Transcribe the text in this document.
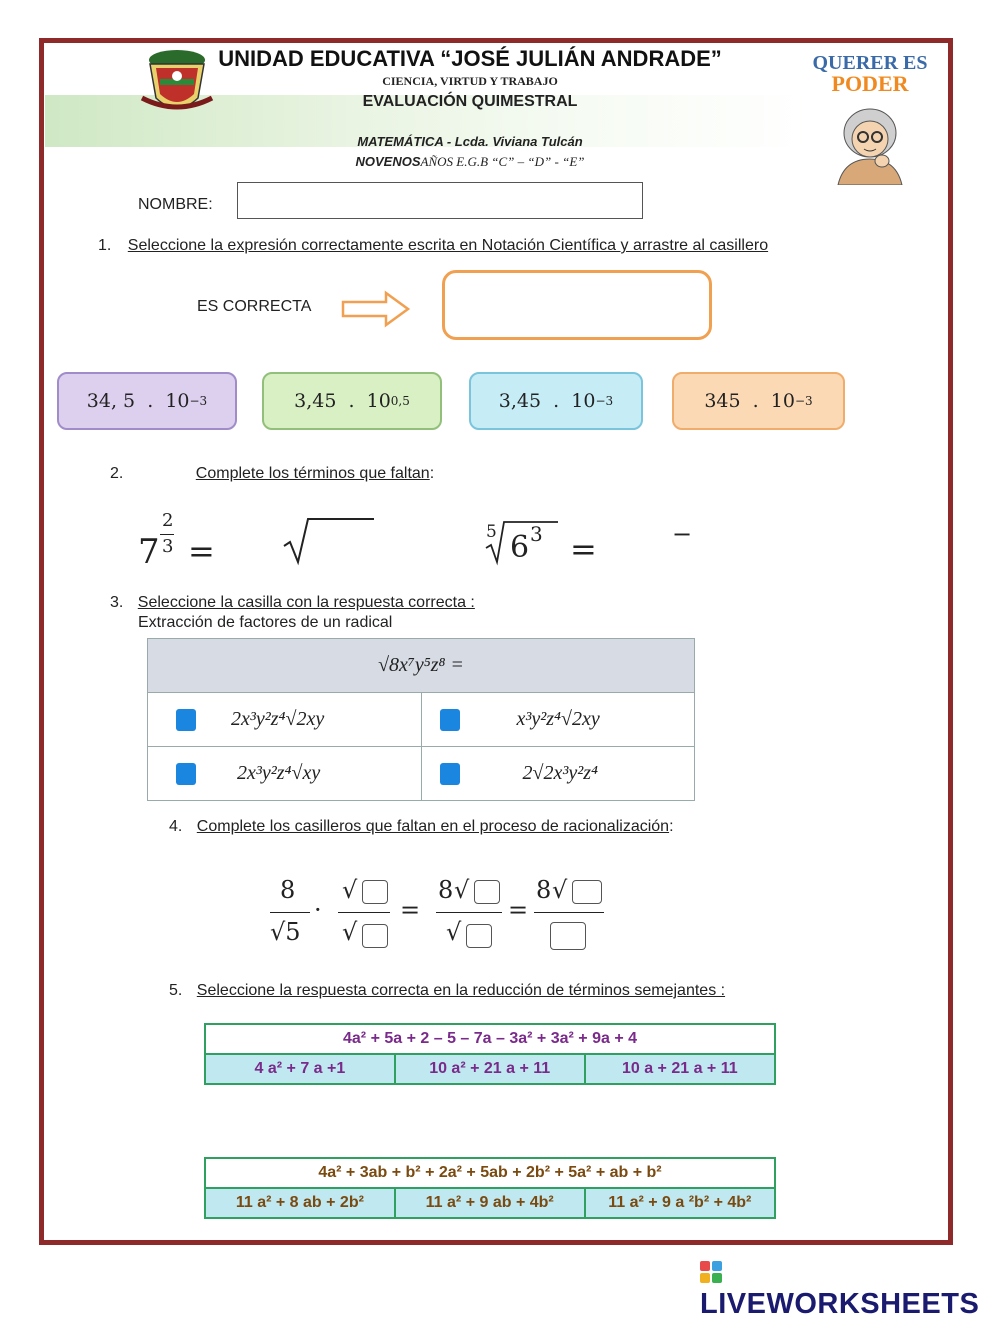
UNIDAD EDUCATIVA “JOSÉ JULIÁN ANDRADE”
CIENCIA, VIRTUD Y TRABAJO
EVALUACIÓN QUIMESTRAL
MATEMÁTICA - Lcda. Viviana Tulcán
NOVENOSAÑOS E.G.B “C” – “D” - “E”
QUERER ES
PODER
NOMBRE:
1. Seleccione la expresión correctamente escrita en Notación Científica y arrastre al casillero
ES CORRECTA
34, 5  .  10 −3	3,45  .  10 0,5	3,45  .  10 −3	345  .  10 −3
2.	Complete los términos que faltan:
7
2
3 =	5 6 3 =	−
3. Seleccione la casilla con la respuesta correcta :
Extracción de factores de un radical
√8x⁷y⁵z⁸ =	
2x³y²z⁴√2xy	x³y²z⁴√2xy
2x³y²z⁴√xy	2√2x³y²z⁴
4. Complete los casilleros que faltan en el proceso de racionalización:
8
√5
·
√
√
=
8 √
√
=
8 √
5. Seleccione la respuesta correcta en la reducción de términos semejantes :
4a² + 5a + 2 – 5 – 7a – 3a² + 3a² + 9a + 4
4 a² + 7 a +1	10 a² + 21 a + 11	10 a + 21 a + 11
4a² + 3ab + b² + 2a² + 5ab + 2b² + 5a² + ab + b²
11 a² + 8 ab + 2b²	11 a² + 9 ab + 4b²	11 a² + 9 a ²b² + 4b²
LIVEWORKSHEETS
